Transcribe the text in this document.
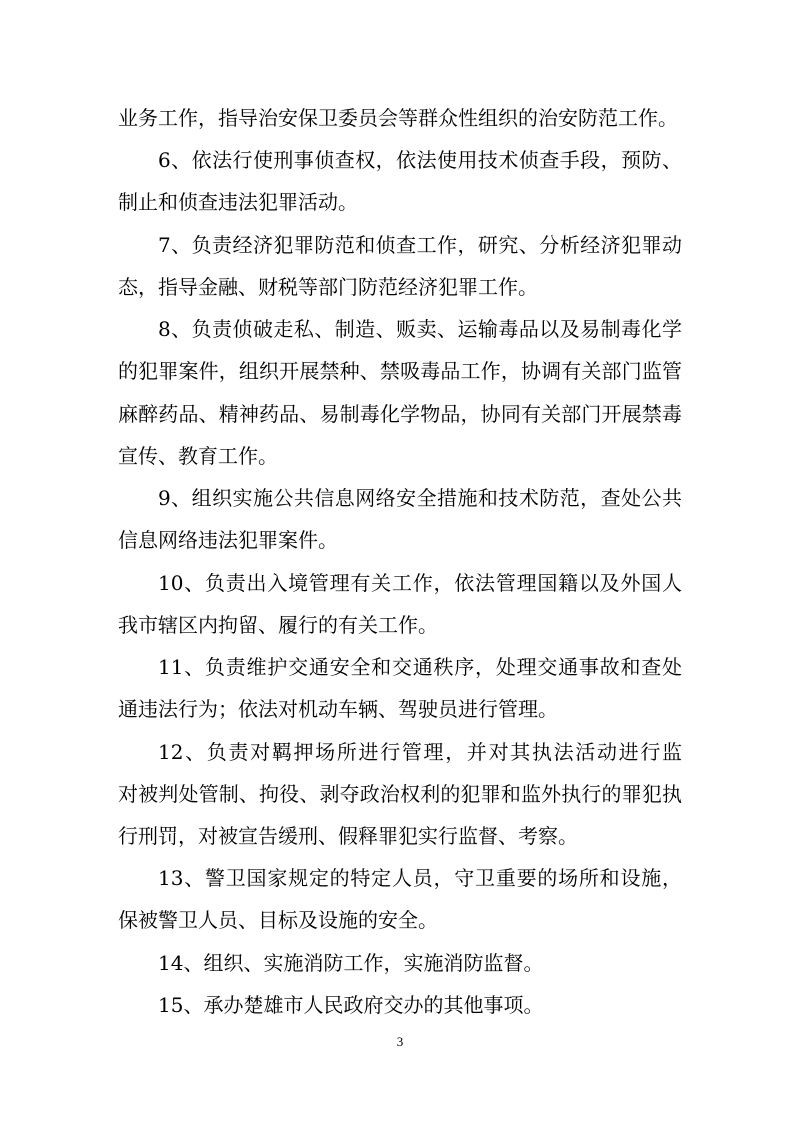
业务工作，指导治安保卫委员会等群众性组织的治安防范工作。
6、依法行使刑事侦查权，依法使用技术侦查手段，预防、
制止和侦查违法犯罪活动。
7、负责经济犯罪防范和侦查工作，研究、分析经济犯罪动
态，指导金融、财税等部门防范经济犯罪工作。
8、负责侦破走私、制造、贩卖、运输毒品以及易制毒化学
的犯罪案件，组织开展禁种、禁吸毒品工作，协调有关部门监管
麻醉药品、精神药品、易制毒化学物品，协同有关部门开展禁毒
宣传、教育工作。
9、组织实施公共信息网络安全措施和技术防范，查处公共
信息网络违法犯罪案件。
10、负责出入境管理有关工作，依法管理国籍以及外国人
我市辖区内拘留、履行的有关工作。
11、负责维护交通安全和交通秩序，处理交通事故和查处
通违法行为；依法对机动车辆、驾驶员进行管理。
12、负责对羁押场所进行管理，并对其执法活动进行监
对被判处管制、拘役、剥夺政治权利的犯罪和监外执行的罪犯执
行刑罚，对被宣告缓刑、假释罪犯实行监督、考察。
13、警卫国家规定的特定人员，守卫重要的场所和设施，
保被警卫人员、目标及设施的安全。
14、组织、实施消防工作，实施消防监督。
15、承办楚雄市人民政府交办的其他事项。
3
